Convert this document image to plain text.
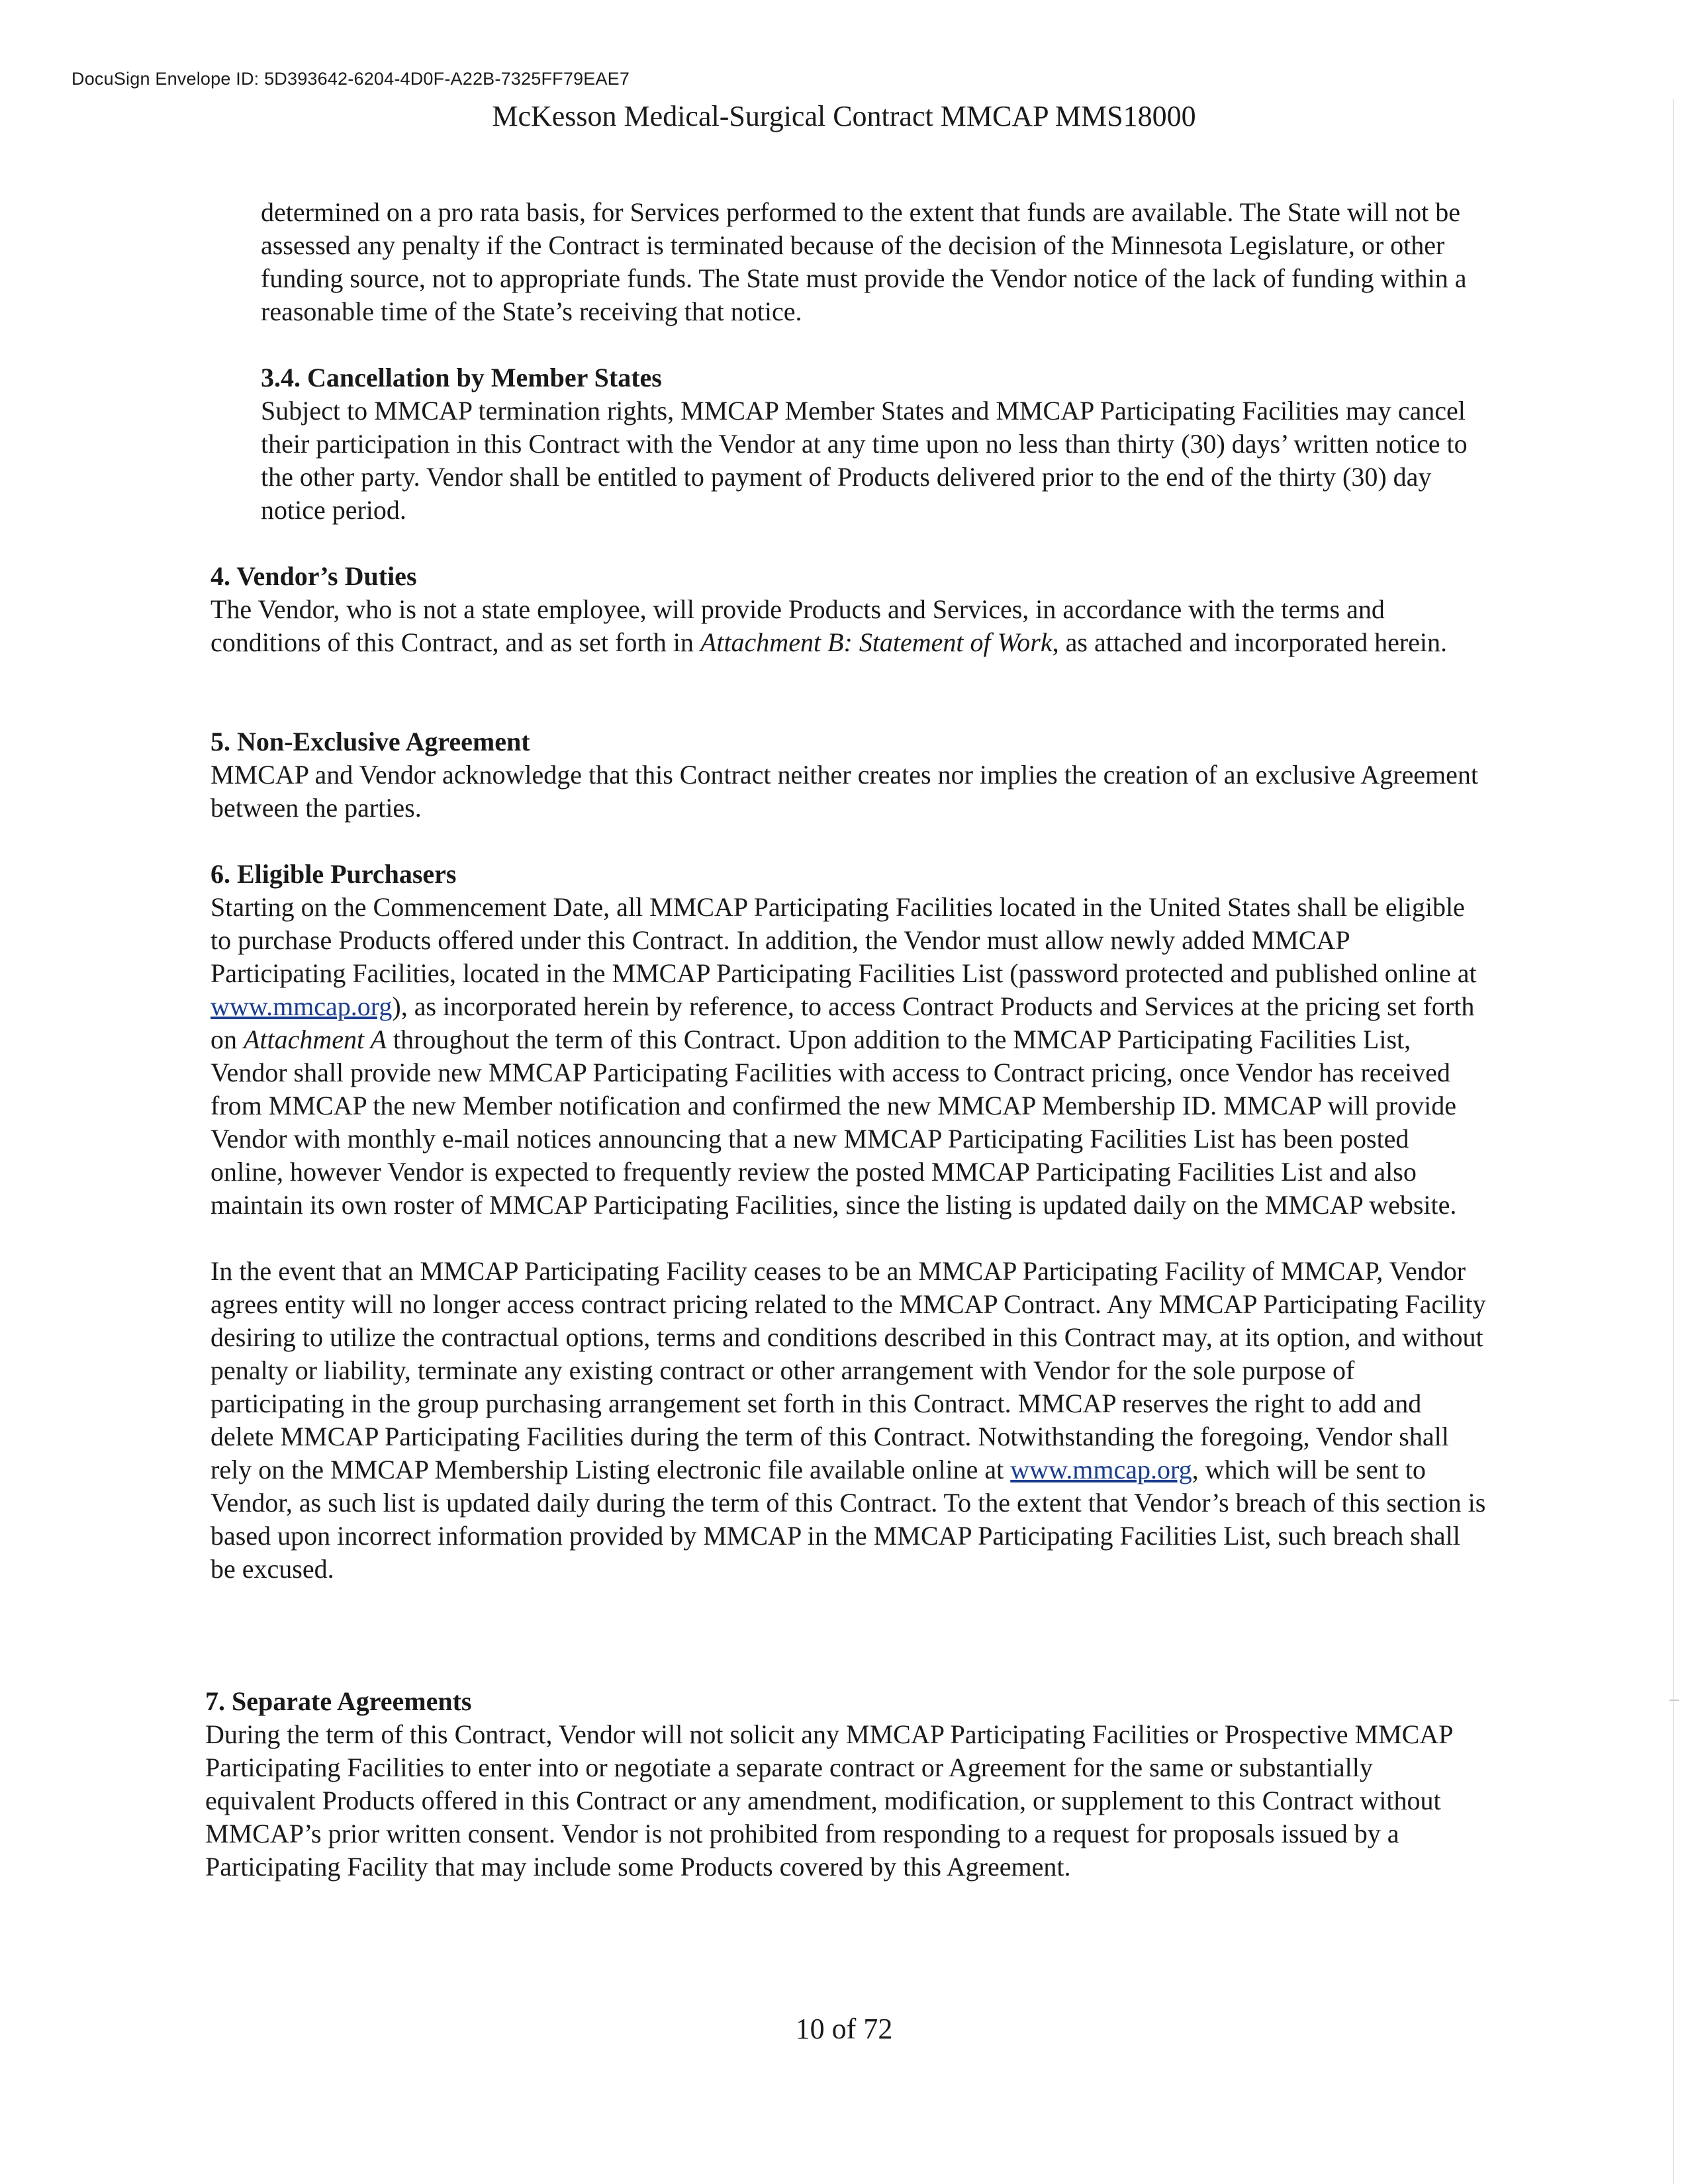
DocuSign Envelope ID: 5D393642-6204-4D0F-A22B-7325FF79EAE7
McKesson Medical-Surgical Contract MMCAP MMS18000

determined on a pro rata basis, for Services performed to the extent that funds are available. The State will not be assessed any penalty if the Contract is terminated because of the decision of the Minnesota Legislature, or other funding source, not to appropriate funds. The State must provide the Vendor notice of the lack of funding within a reasonable time of the State’s receiving that notice.

3.4. Cancellation by Member States

Subject to MMCAP termination rights, MMCAP Member States and MMCAP Participating Facilities may cancel their participation in this Contract with the Vendor at any time upon no less than thirty (30) days’ written notice to the other party. Vendor shall be entitled to payment of Products delivered prior to the end of the thirty (30) day notice period.

4. Vendor’s Duties

The Vendor, who is not a state employee, will provide Products and Services, in accordance with the terms and conditions of this Contract, and as set forth in Attachment B: Statement of Work, as attached and incorporated herein.

5. Non-Exclusive Agreement

MMCAP and Vendor acknowledge that this Contract neither creates nor implies the creation of an exclusive Agreement between the parties.

6. Eligible Purchasers

Starting on the Commencement Date, all MMCAP Participating Facilities located in the United States shall be eligible to purchase Products offered under this Contract. In addition, the Vendor must allow newly added MMCAP Participating Facilities, located in the MMCAP Participating Facilities List (password protected and published online at www.mmcap.org), as incorporated herein by reference, to access Contract Products and Services at the pricing set forth on Attachment A throughout the term of this Contract. Upon addition to the MMCAP Participating Facilities List, Vendor shall provide new MMCAP Participating Facilities with access to Contract pricing, once Vendor has received from MMCAP the new Member notification and confirmed the new MMCAP Membership ID. MMCAP will provide Vendor with monthly e-mail notices announcing that a new MMCAP Participating Facilities List has been posted online, however Vendor is expected to frequently review the posted MMCAP Participating Facilities List and also maintain its own roster of MMCAP Participating Facilities, since the listing is updated daily on the MMCAP website.

In the event that an MMCAP Participating Facility ceases to be an MMCAP Participating Facility of MMCAP, Vendor agrees entity will no longer access contract pricing related to the MMCAP Contract. Any MMCAP Participating Facility desiring to utilize the contractual options, terms and conditions described in this Contract may, at its option, and without penalty or liability, terminate any existing contract or other arrangement with Vendor for the sole purpose of participating in the group purchasing arrangement set forth in this Contract. MMCAP reserves the right to add and delete MMCAP Participating Facilities during the term of this Contract. Notwithstanding the foregoing, Vendor shall rely on the MMCAP Membership Listing electronic file available online at www.mmcap.org, which will be sent to Vendor, as such list is updated daily during the term of this Contract. To the extent that Vendor’s breach of this section is based upon incorrect information provided by MMCAP in the MMCAP Participating Facilities List, such breach shall be excused.

7. Separate Agreements

During the term of this Contract, Vendor will not solicit any MMCAP Participating Facilities or Prospective MMCAP Participating Facilities to enter into or negotiate a separate contract or Agreement for the same or substantially equivalent Products offered in this Contract or any amendment, modification, or supplement to this Contract without MMCAP’s prior written consent. Vendor is not prohibited from responding to a request for proposals issued by a Participating Facility that may include some Products covered by this Agreement.

10 of 72
